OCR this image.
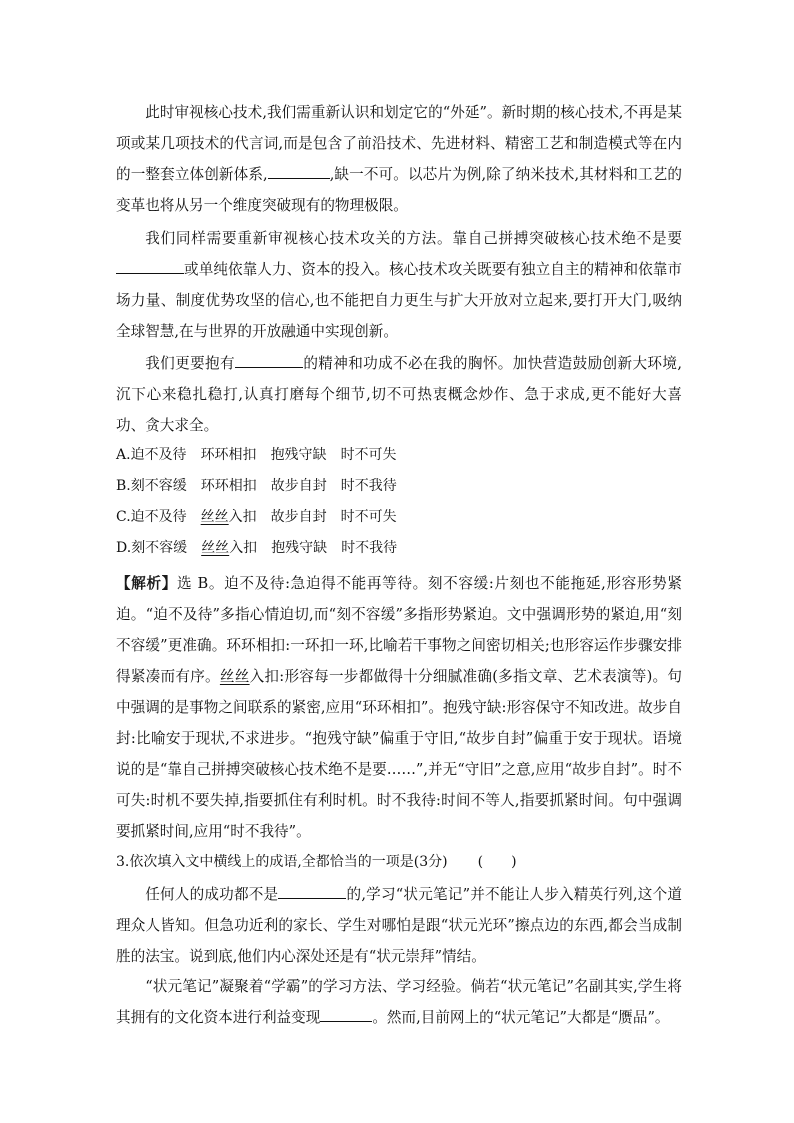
此时审视核心技术,我们需重新认识和划定它的“外延”。新时期的核心技术,不再是某项或某几项技术的代言词,而是包含了前沿技术、先进材料、精密工艺和制造模式等在内的一整套立体创新体系,	,缺一不可。以芯片为例,除了纳米技术,其材料和工艺的变革也将从另一个维度突破现有的物理极限。

我们同样需要重新审视核心技术攻关的方法。靠自己拼搏突破核心技术绝不是要或单纯依靠人力、资本的投入。核心技术攻关既要有独立自主的精神和依靠市场力量、制度优势攻坚的信心,也不能把自力更生与扩大开放对立起来,要打开大门,吸纳全球智慧,在与世界的开放融通中实现创新。

我们更要抱有	的精神和功成不必在我的胸怀。加快营造鼓励创新大环境,沉下心来稳扎稳打,认真打磨每个细节,切不可热衷概念炒作、急于求成,更不能好大喜功、贪大求全。

A.迫不及待 环环相扣 抱残守缺 时不可失

B.刻不容缓 环环相扣 故步自封 时不我待

C.迫不及待 丝丝入扣 故步自封 时不可失

D.刻不容缓 丝丝入扣 抱残守缺 时不我待

【解析】选 B。迫不及待:急迫得不能再等待。刻不容缓:片刻也不能拖延,形容形势紧迫。“迫不及待”多指心情迫切,而“刻不容缓”多指形势紧迫。文中强调形势的紧迫,用“刻不容缓”更准确。环环相扣:一环扣一环,比喻若干事物之间密切相关;也形容运作步骤安排得紧凑而有序。丝丝入扣:形容每一步都做得十分细腻准确(多指文章、艺术表演等)。句中强调的是事物之间联系的紧密,应用“环环相扣”。抱残守缺:形容保守不知改进。故步自封:比喻安于现状,不求进步。“抱残守缺”偏重于守旧,“故步自封”偏重于安于现状。语境说的是“靠自己拼搏突破核心技术绝不是要……”,并无“守旧”之意,应用“故步自封”。时不可失:时机不要失掉,指要抓住有利时机。时不我待:时间不等人,指要抓紧时间。句中强调要抓紧时间,应用“时不我待”。

3.依次填入文中横线上的成语,全都恰当的一项是(3分) (　　)

任何人的成功都不是	的,学习“状元笔记”并不能让人步入精英行列,这个道理众人皆知。但急功近利的家长、学生对哪怕是跟“状元光环”擦点边的东西,都会当成制胜的法宝。说到底,他们内心深处还是有“状元崇拜”情结。

“状元笔记”凝聚着“学霸”的学习方法、学习经验。倘若“状元笔记”名副其实,学生将其拥有的文化资本进行利益变现	。然而,目前网上的“状元笔记”大都是“赝品”。
